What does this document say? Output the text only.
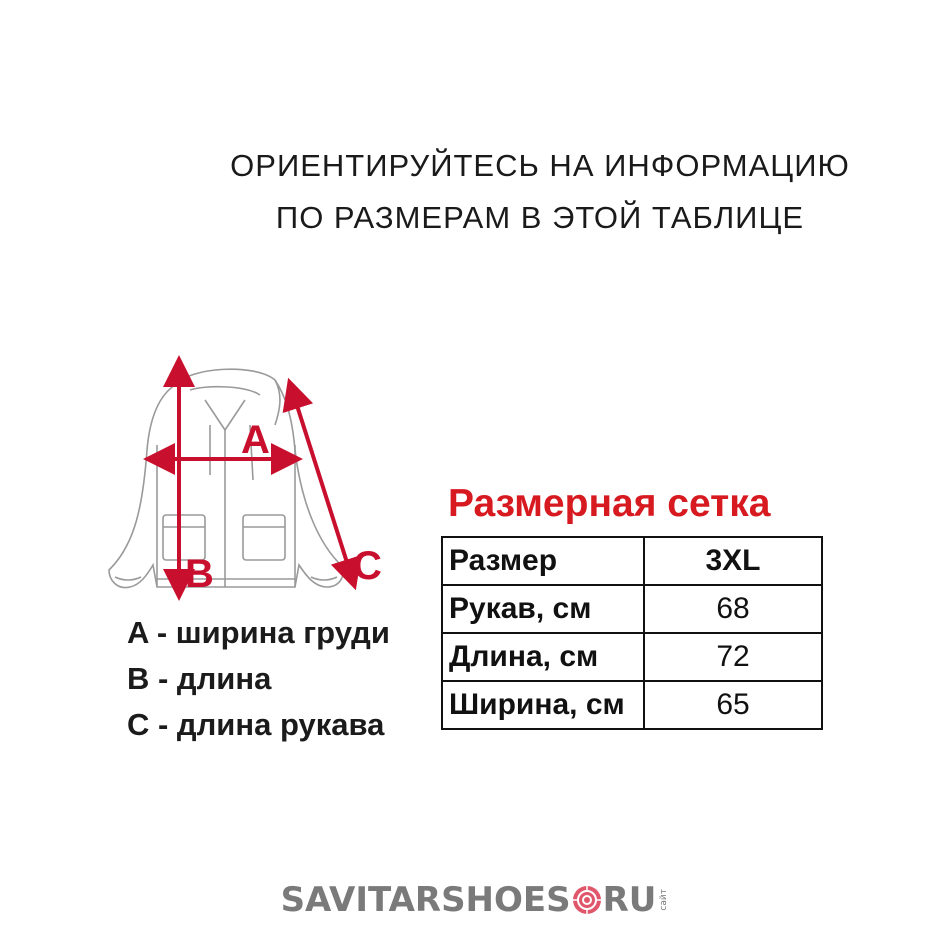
ОРИЕНТИРУЙТЕСЬ НА ИНФОРМАЦИЮ
ПО РАЗМЕРАМ В ЭТОЙ ТАБЛИЦЕ
A
B	C
A - ширина груди
B - длина
C - длина рукава
Размерная сетка
Размер	3XL
Рукав, см	68
Длина, см	72
Ширина, см	65
SAVITARSHOES RU сайт
